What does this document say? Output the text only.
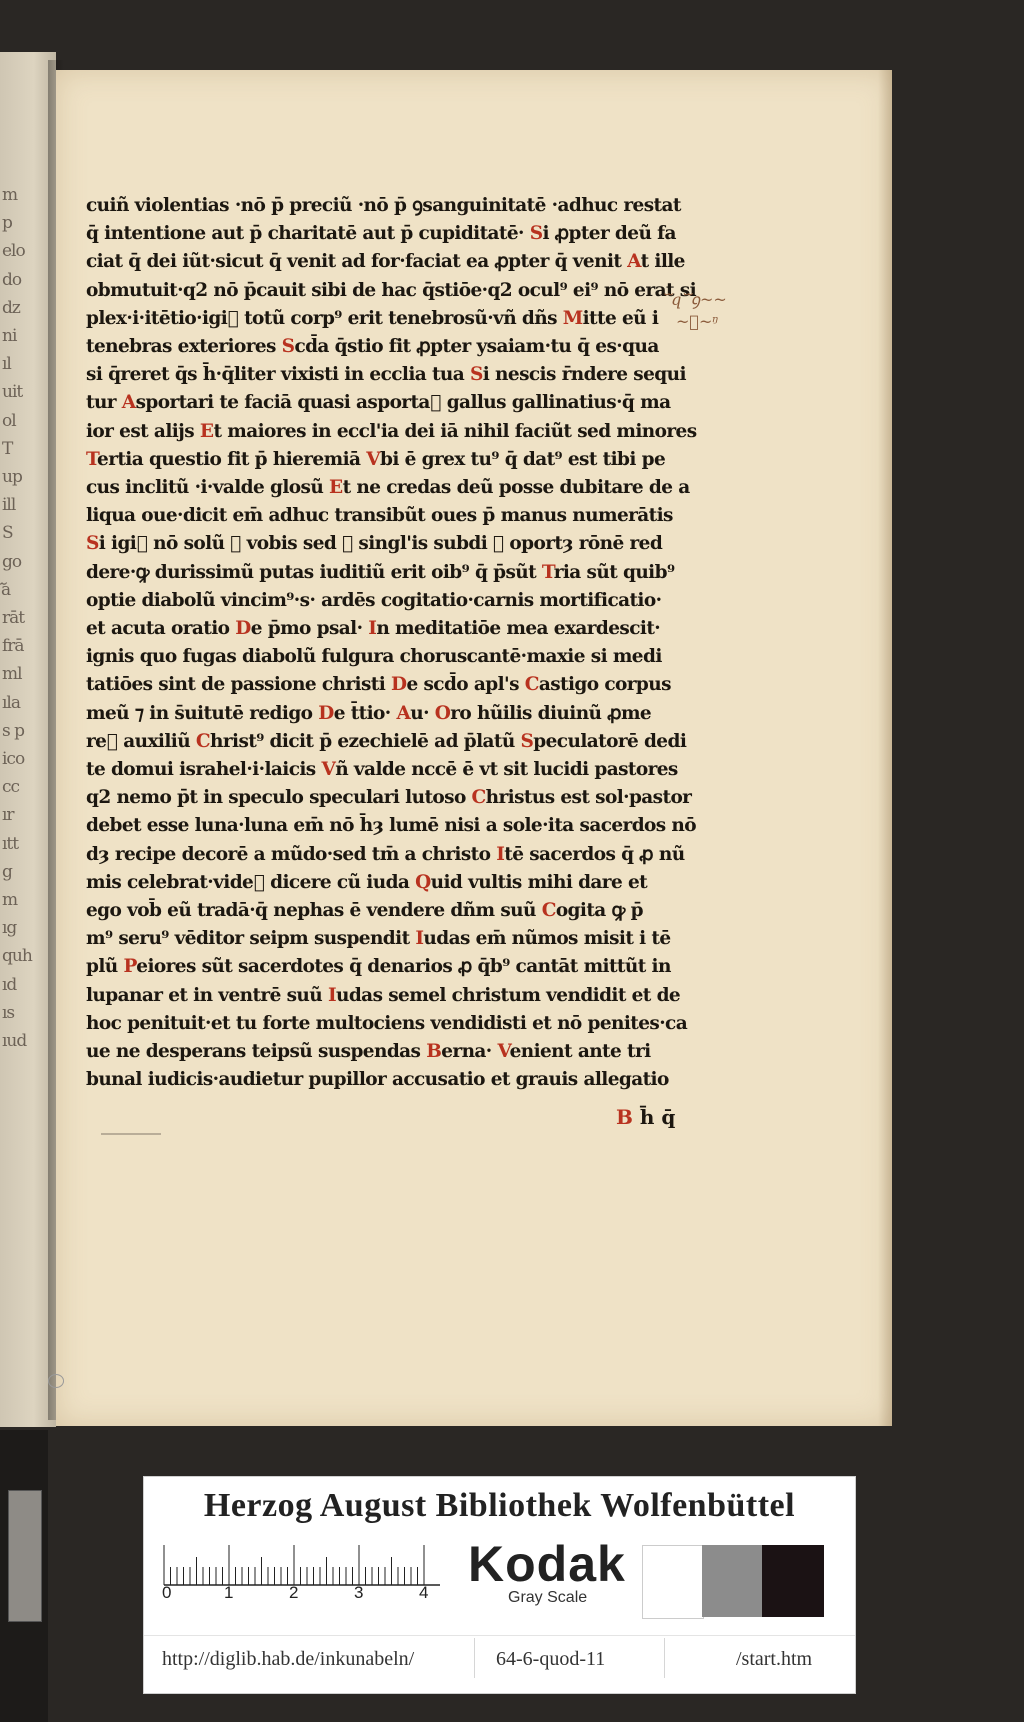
m
p
elo
do
dz
ni
ıl
uit
ol
T
up
ill
S
go
ᷓa
rāt
frā
ml
ıla
s p
ico
cc
ır
ıtt
g
m
ıg
quh
ıd
ıs
ıud
cuiñ violentias ·nō p̄ preciũ ·nō p̄ ꝯsanguinitatē ·adhuc restat
q̄ intentione aut p̄ charitatē aut p̄ cupiditatē· Si ꝓpter deũ fa
ciat q̄ dei iũt·sicut q̄ venit ad for·faciat ea ꝓpter q̄ venit At ille
obmutuit·q2 nō p̄cauit sibi de hac q̄stiōe·q2 ocul⁹ ei⁹ nō erat si
plex·i·itētio·igiᷓ totũ corp⁹ erit tenebrosũ·vñ dñs Mitte eũ i
tenebras exteriores Scd̄a q̄stio fit ꝓpter ysaiam·tu q̄ es·qua
si q̄reret q̄s h̄·q̄liter vixisti in ecclia tua Si nescis r̄ndere sequi
tur Asportari te faciā quasi asportaᷓ gallus gallinatius·q̄ ma
ior est alijs Et maiores in eccl'ia dei iā nihil faciũt sed minores
Tertia questio fit p̄ hieremiā Vbi ē grex tu⁹ q̄ dat⁹ est tibi pe
cus inclitũ ·i·valde glosũ Et ne credas deũ posse dubitare de a
liqua oue·dicit em̄ adhuc transibũt oues p̄ manus numerātis
Si igiᷓ nō solũ ꝓ vobis sed ꝓ singl'is subdi ⁊ oportȝ rōnē red
dere·ꝙ durissimũ putas iuditiũ erit oib⁹ q̄ p̄sũt Tria sũt quib⁹
optie diabolũ vincim⁹·s· ardēs cogitatio·carnis mortificatio·
et acuta oratio De p̄mo psal· In meditatiōe mea exardescit·
ignis quo fugas diabolũ fulgura choruscantē·maxie si medi
tatiōes sint de passione christi De scd̄o apl's Castigo corpus
meũ ⁊ in s̄uitutē redigo De t̄tio· Au· Oro hũilis diuinũ ꝓme
reᷓ auxiliũ Christ⁹ dicit p̄ ezechielē ad p̄latũ Speculatorē dedi
te domui israhel·i·laicis Vñ valde nccē ē vt sit lucidi pastores
q2 nemo p̄t in speculo speculari lutoso Christus est sol·pastor
debet esse luna·luna em̄ nō h̄ȝ lumē nisi a sole·ita sacerdos nō
dȝ recipe decorē a mũdo·sed tm̄ a christo Itē sacerdos q̄ ꝓ nũ
mis celebrat·videᷓ dicere cũ iuda Quid vultis mihi dare et
ego vob̄ eũ tradā·q̄ nephas ē vendere dñm suũ Cogita ꝙ p̄
m⁹ seru⁹ vēditor seipm suspendit Iudas em̄ nũmos misit i tē
plũ Peiores sũt sacerdotes q̄ denarios ꝓ q̄b⁹ cantāt mittũt in
lupanar et in ventrē suũ Iudas semel christum vendidit et de
hoc penituit·et tu forte multociens vendidisti et nō penites·ca
ue ne desperans teipsũ suspendas Berna· Venient ante tri
bunal iudicis·audietur pupillor accusatio et grauis allegatio
ᷓ q ᷓ ꝯ~~
~ᷓ~ᵑ
B h̄ q̄
Herzog August Bibliothek Wolfenbüttel
0	1	2	3	4
Kodak
Gray Scale
http://diglib.hab.de/inkunabeln/	64-6-quod-11	/start.htm
